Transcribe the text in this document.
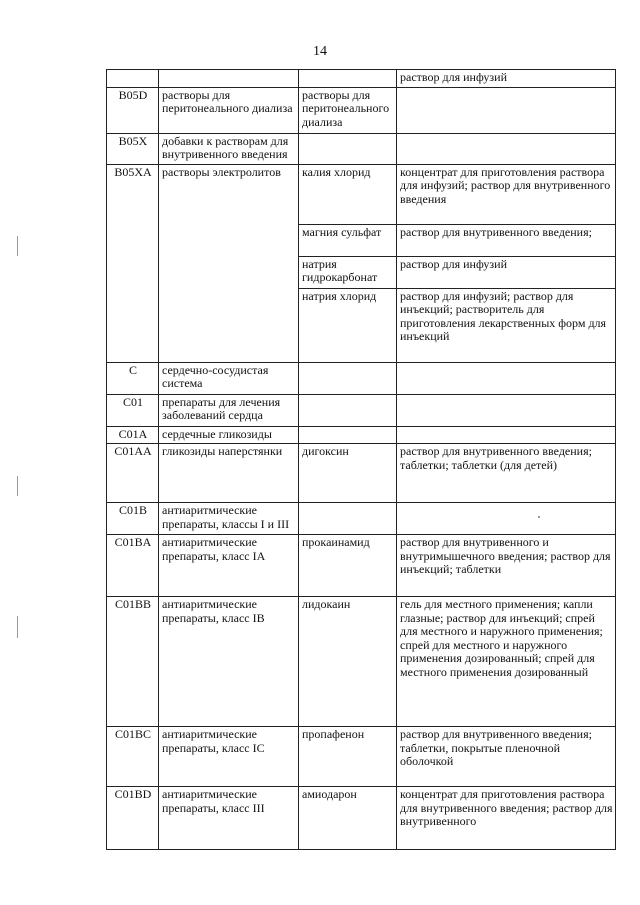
14
			раствор для инфузий
B05D	растворы для перитонеального диализа	растворы для перитонеального диализа	
B05X	добавки к растворам для внутривенного введения		
B05XA	растворы электролитов	калия хлорид	концентрат для приготовления раствора для инфузий; раствор для внутривенного введения
		магния сульфат	раствор для внутривенного введения;
		натрия гидрокарбонат	раствор для инфузий
		натрия хлорид	раствор для инфузий; раствор для инъекций; растворитель для приготовления лекарственных форм для инъекций
C	сердечно-сосудистая система		
C01	препараты для лечения заболеваний сердца		
C01A	сердечные гликозиды		
C01AA	гликозиды наперстянки	дигоксин	раствор для внутривенного введения; таблетки; таблетки (для детей)
C01B	антиаритмические препараты, классы I и III		
C01BA	антиаритмические препараты, класс IA	прокаинамид	раствор для внутривенного и внутримышечного введения; раствор для инъекций; таблетки
C01BB	антиаритмические препараты, класс IB	лидокаин	гель для местного применения; капли глазные; раствор для инъекций; спрей для местного и наружного применения; спрей для местного и наружного применения дозированный; спрей для местного применения дозированный
C01BC	антиаритмические препараты, класс IC	пропафенон	раствор для внутривенного введения; таблетки, покрытые пленочной оболочкой
C01BD	антиаритмические препараты, класс III	амиодарон	концентрат для приготовления раствора для внутривенного введения; раствор для внутривенного
